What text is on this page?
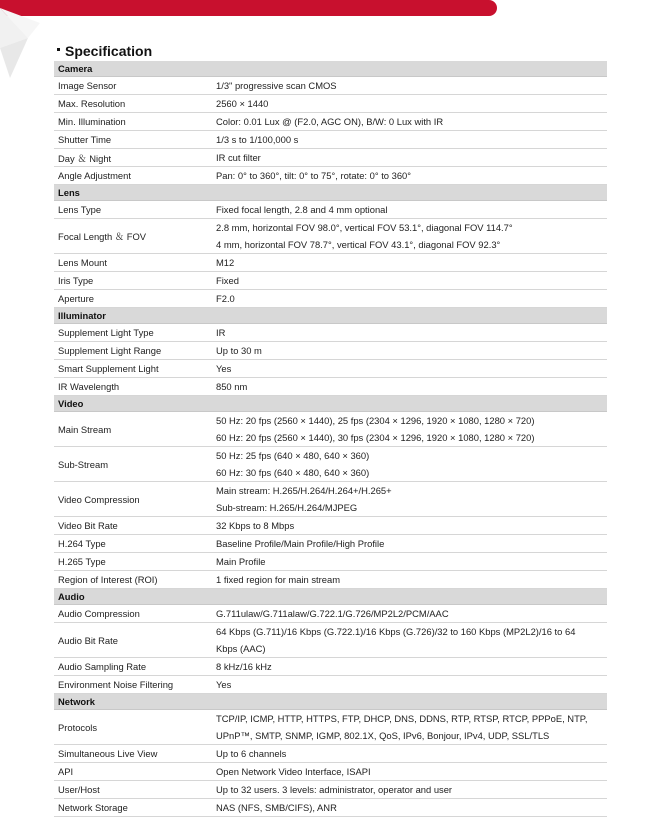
Specification
Camera	
Image Sensor	1/3" progressive scan CMOS

Max. Resolution	2560 × 1440

Min. Illumination	Color: 0.01 Lux @ (F2.0, AGC ON), B/W: 0 Lux with IR

Shutter Time	1/3 s to 1/100,000 s

Day ＆ Night	IR cut filter

Angle Adjustment	Pan: 0° to 360°, tilt: 0° to 75°, rotate: 0° to 360°

Lens	
Lens Type	Fixed focal length, 2.8 and 4 mm optional

Focal Length ＆ FOV	2.8 mm, horizontal FOV 98.0°, vertical FOV 53.1°, diagonal FOV 114.7°
4 mm, horizontal FOV 78.7°, vertical FOV 43.1°, diagonal FOV 92.3°

Lens Mount	M12

Iris Type	Fixed

Aperture	F2.0

Illuminator	
Supplement Light Type	IR

Supplement Light Range	Up to 30 m

Smart Supplement Light	Yes

IR Wavelength	850 nm

Video	
Main Stream	50 Hz: 20 fps (2560 × 1440), 25 fps (2304 × 1296, 1920 × 1080, 1280 × 720)
60 Hz: 20 fps (2560 × 1440), 30 fps (2304 × 1296, 1920 × 1080, 1280 × 720)

Sub-Stream	50 Hz: 25 fps (640 × 480, 640 × 360)
60 Hz: 30 fps (640 × 480, 640 × 360)

Video Compression	Main stream: H.265/H.264/H.264+/H.265+
Sub-stream: H.265/H.264/MJPEG

Video Bit Rate	32 Kbps to 8 Mbps

H.264 Type	Baseline Profile/Main Profile/High Profile

H.265 Type	Main Profile

Region of Interest (ROI)	1 fixed region for main stream

Audio	
Audio Compression	G.711ulaw/G.711alaw/G.722.1/G.726/MP2L2/PCM/AAC

Audio Bit Rate	64 Kbps (G.711)/16 Kbps (G.722.1)/16 Kbps (G.726)/32 to 160 Kbps (MP2L2)/16 to 64
Kbps (AAC)

Audio Sampling Rate	8 kHz/16 kHz

Environment Noise Filtering	Yes

Network	
Protocols	TCP/IP, ICMP, HTTP, HTTPS, FTP, DHCP, DNS, DDNS, RTP, RTSP, RTCP, PPPoE, NTP,
UPnP™, SMTP, SNMP, IGMP, 802.1X, QoS, IPv6, Bonjour, IPv4, UDP, SSL/TLS

Simultaneous Live View	Up to 6 channels

API	Open Network Video Interface, ISAPI

User/Host	Up to 32 users. 3 levels: administrator, operator and user

Network Storage	NAS (NFS, SMB/CIFS), ANR
